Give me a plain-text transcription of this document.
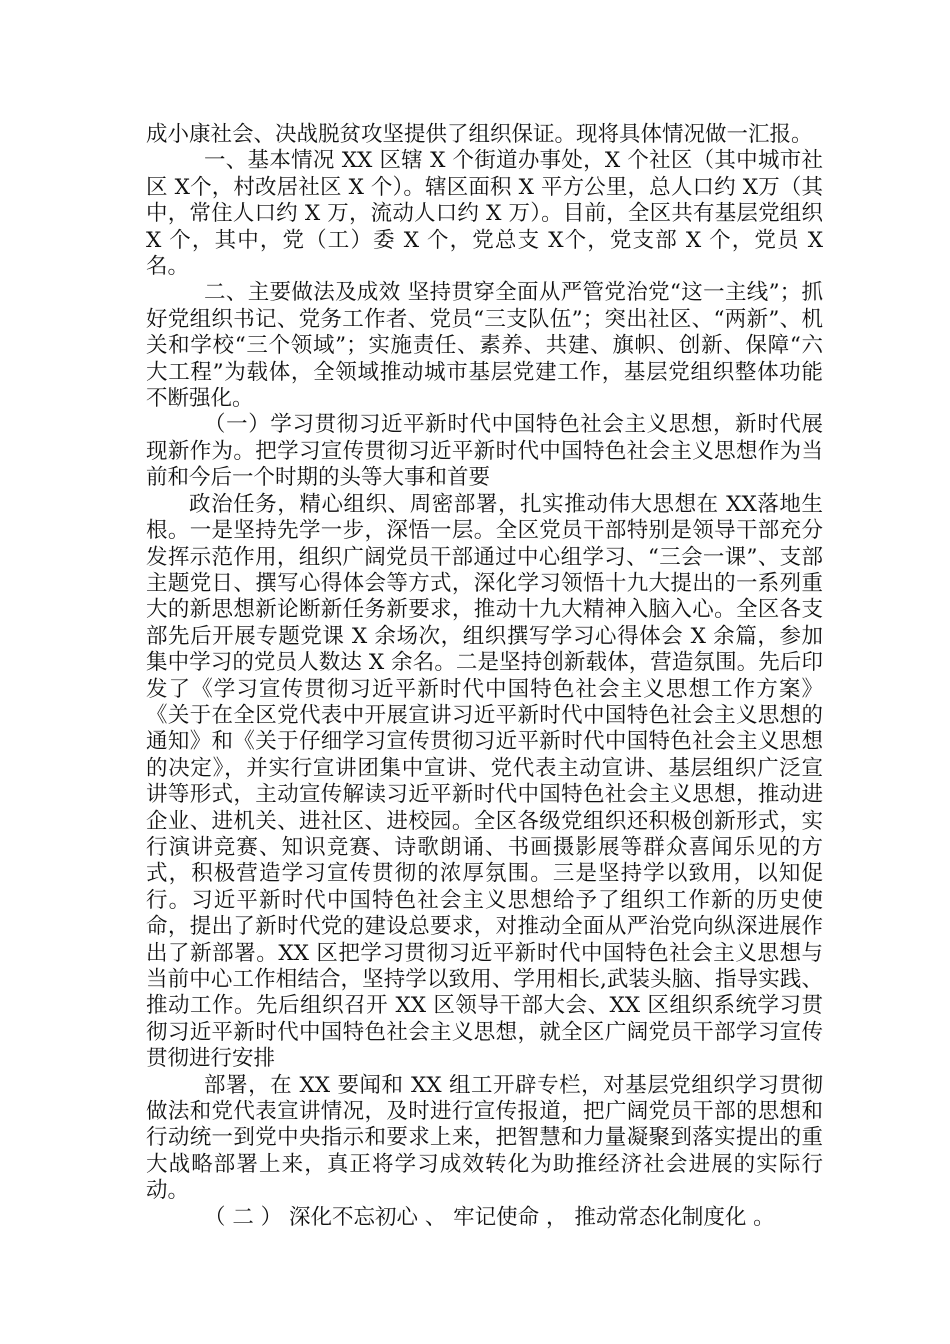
成小康社会、决战脱贫攻坚提供了组织保证。现将具体情况做一汇报。

一、基本情况 XX 区辖 X 个街道办事处，X 个社区（其中城市社区 X个，村改居社区 X 个）。辖区面积 X 平方公里，总人口约 X万（其中，常住人口约 X 万，流动人口约 X 万）。目前，全区共有基层党组织 X 个，其中，党（工）委 X 个，党总支 X个，党支部 X 个，党员 X 名。

二、主要做法及成效 坚持贯穿全面从严管党治党“这一主线”；抓好党组织书记、党务工作者、党员“三支队伍”；突出社区、“两新”、机关和学校“三个领域”；实施责任、素养、共建、旗帜、创新、保障“六大工程”为载体，全领域推动城市基层党建工作，基层党组织整体功能不断强化。

（一）学习贯彻习近平新时代中国特色社会主义思想，新时代展现新作为。把学习宣传贯彻习近平新时代中国特色社会主义思想作为当前和今后一个时期的头等大事和首要

政治任务，精心组织、周密部署，扎实推动伟大思想在 XX落地生根。一是坚持先学一步，深悟一层。全区党员干部特别是领导干部充分发挥示范作用，组织广阔党员干部通过中心组学习、“三会一课”、支部主题党日、撰写心得体会等方式，深化学习领悟十九大提出的一系列重大的新思想新论断新任务新要求，推动十九大精神入脑入心。全区各支部先后开展专题党课 X 余场次，组织撰写学习心得体会 X 余篇，参加集中学习的党员人数达 X 余名。二是坚持创新载体，营造氛围。先后印发了《学习宣传贯彻习近平新时代中国特色社会主义思想工作方案》《关于在全区党代表中开展宣讲习近平新时代中国特色社会主义思想的通知》和《关于仔细学习宣传贯彻习近平新时代中国特色社会主义思想的决定》，并实行宣讲团集中宣讲、党代表主动宣讲、基层组织广泛宣讲等形式，主动宣传解读习近平新时代中国特色社会主义思想，推动进企业、进机关、进社区、进校园。全区各级党组织还积极创新形式，实行演讲竞赛、知识竞赛、诗歌朗诵、书画摄影展等群众喜闻乐见的方式，积极营造学习宣传贯彻的浓厚氛围。三是坚持学以致用，以知促行。习近平新时代中国特色社会主义思想给予了组织工作新的历史使命，提出了新时代党的建设总要求，对推动全面从严治党向纵深进展作出了新部署。XX 区把学习贯彻习近平新时代中国特色社会主义思想与当前中心工作相结合，坚持学以致用、学用相长,武装头脑、指导实践、推动工作。先后组织召开 XX 区领导干部大会、XX 区组织系统学习贯彻习近平新时代中国特色社会主义思想，就全区广阔党员干部学习宣传贯彻进行安排

部署，在 XX 要闻和 XX 组工开辟专栏，对基层党组织学习贯彻做法和党代表宣讲情况，及时进行宣传报道，把广阔党员干部的思想和行动统一到党中央指示和要求上来，把智慧和力量凝聚到落实提出的重大战略部署上来，真正将学习成效转化为助推经济社会进展的实际行动。

（ 二 ） 深化不忘初心 、 牢记使命 ， 推动常态化制度化 。
